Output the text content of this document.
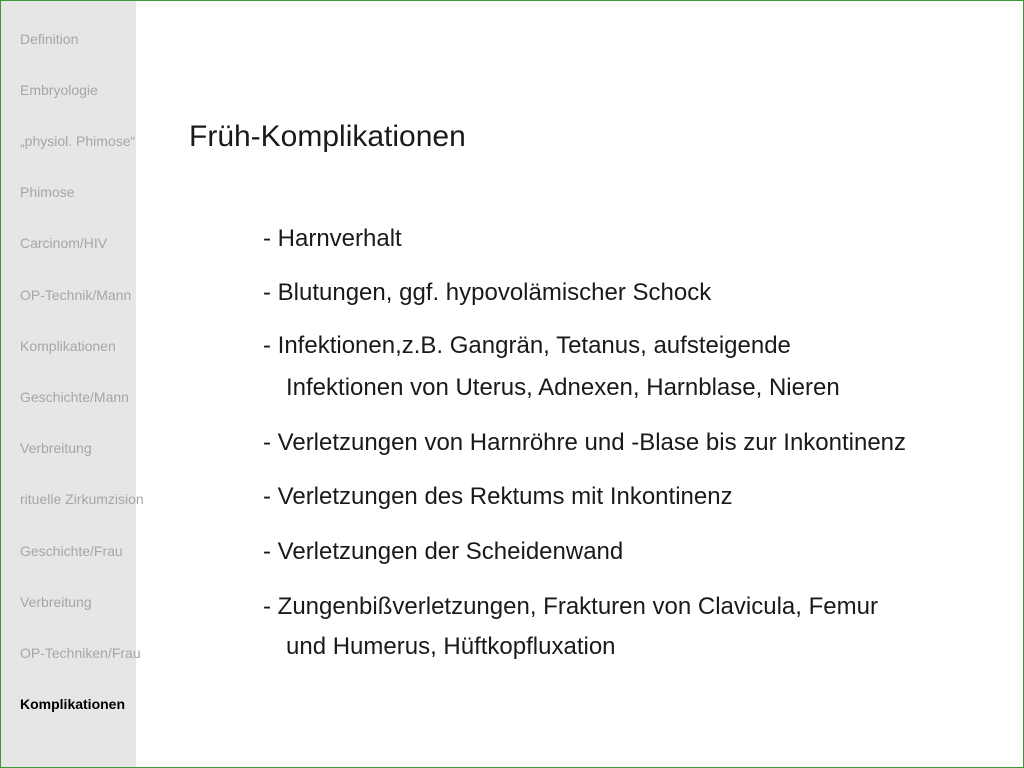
Definition
Embryologie
„physiol. Phimose“
Phimose
Carcinom/HIV
OP-Technik/Mann
Komplikationen
Geschichte/Mann
Verbreitung
rituelle Zirkumzision
Geschichte/Frau
Verbreitung
OP-Techniken/Frau
Komplikationen
Früh-Komplikationen
- Harnverhalt
- Blutungen, ggf. hypovolämischer Schock
- Infektionen,z.B. Gangrän, Tetanus, aufsteigende
Infektionen von Uterus, Adnexen, Harnblase, Nieren
- Verletzungen von Harnröhre und -Blase bis zur Inkontinenz
- Verletzungen des Rektums mit Inkontinenz
- Verletzungen der Scheidenwand
- Zungenbißverletzungen, Frakturen von Clavicula, Femur
und Humerus, Hüftkopfluxation
